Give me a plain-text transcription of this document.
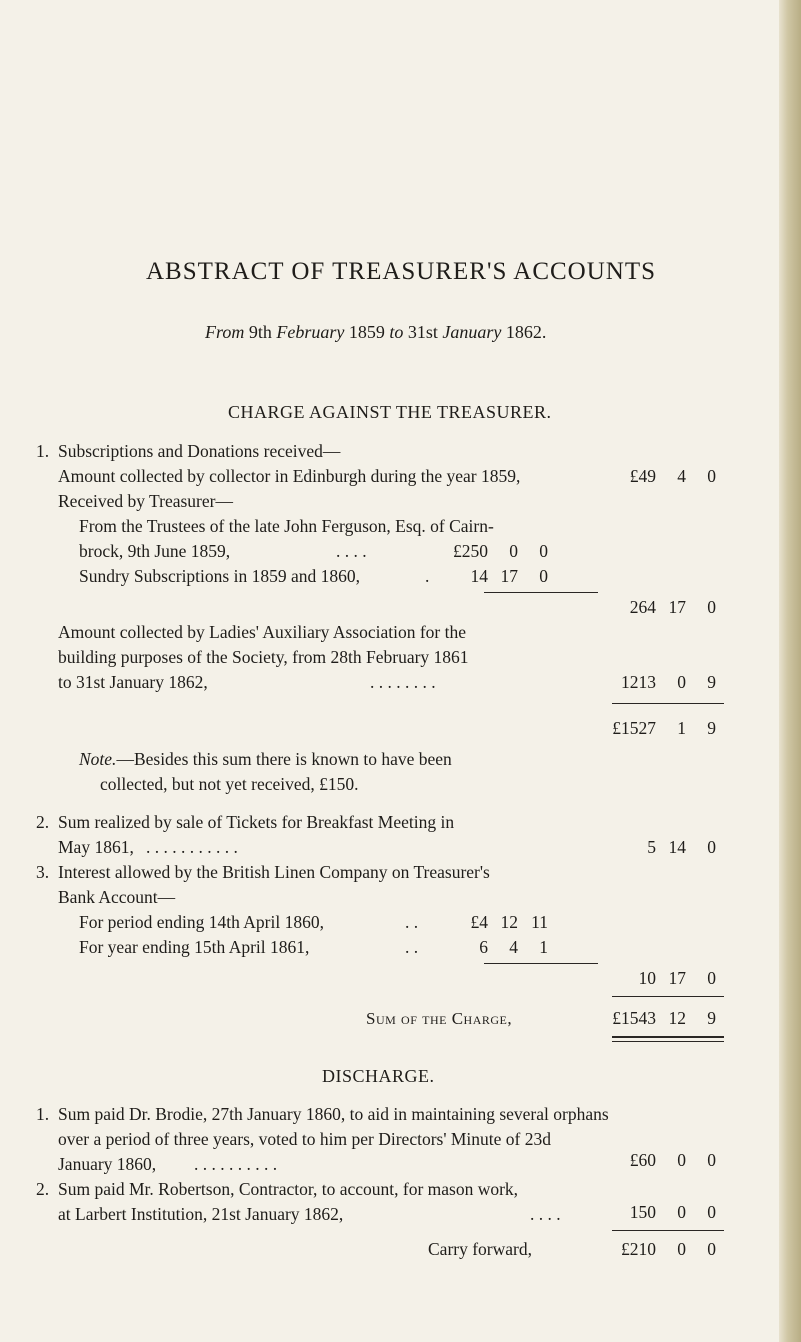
ABSTRACT OF TREASURER'S ACCOUNTS
From 9th February 1859 to 31st January 1862.
CHARGE AGAINST THE TREASURER.
1. Subscriptions and Donations received—
Amount collected by collector in Edinburgh during the year 1859,	£49 4 0
Received by Treasurer—
From the Trustees of the late John Ferguson, Esq. of Cairn-
brock, 9th June 1859,	. . . .	£250 0 0
Sundry Subscriptions in 1859 and 1860,	.	14 17 0
264 17 0
Amount collected by Ladies' Auxiliary Association for the
building purposes of the Society, from 28th February 1861
to 31st January 1862,	. . . . . . . .	1213 0 9
£1527 1 9
Note.—Besides this sum there is known to have been
collected, but not yet received, £150.
2. Sum realized by sale of Tickets for Breakfast Meeting in
May 1861, . . . . . . . . . . .	5 14 0
3. Interest allowed by the British Linen Company on Treasurer's
Bank Account—
For period ending 14th April 1860,	. .	£4 12 11
For year ending 15th April 1861,	. .	6 4 1
10 17 0
Sum of the Charge,	£1543 12 9
DISCHARGE.
1. Sum paid Dr. Brodie, 27th January 1860, to aid in maintaining several orphans
over a period of three years, voted to him per Directors' Minute of 23d
January 1860, . . . . . . . . . .	£60 0 0
2. Sum paid Mr. Robertson, Contractor, to account, for mason work,
at Larbert Institution, 21st January 1862,	. . . .	150 0 0
Carry forward,	£210 0 0
